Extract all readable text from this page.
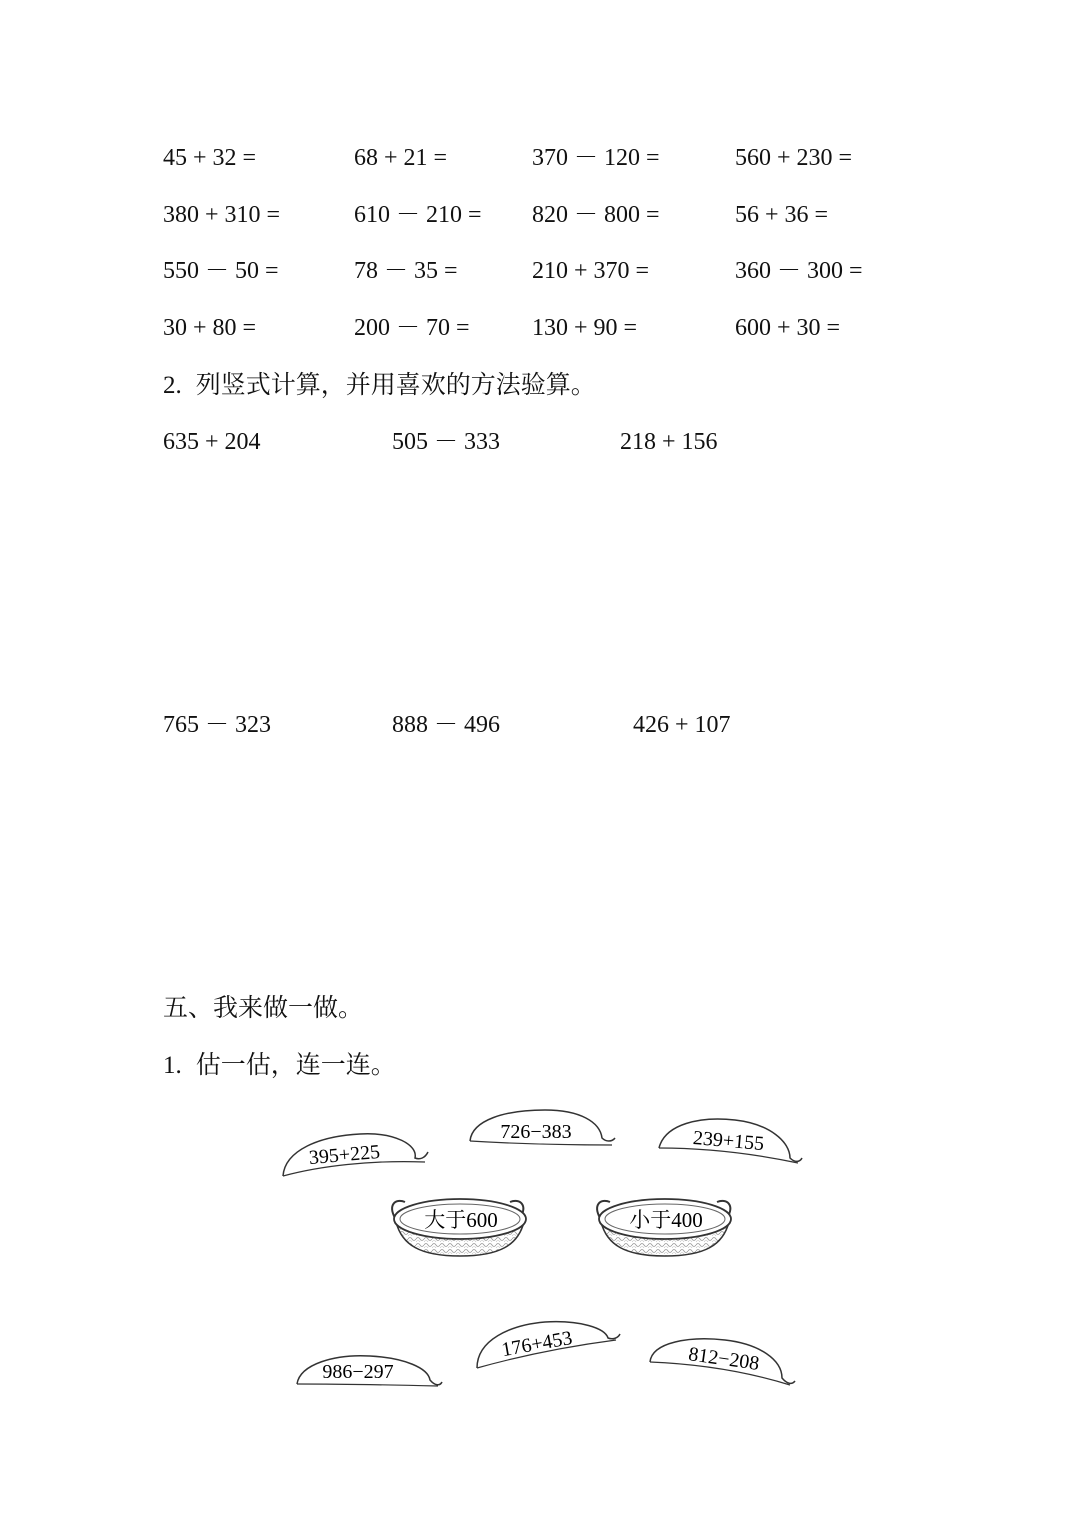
45 + 32 =	68 + 21 =	370 － 120 =	560 + 230 =
380 + 310 =	610 － 210 = 820 － 800 =	56 + 36 =
550 － 50 =	78 － 35 =	210 + 370 =	360 － 300 =
30 + 80 =	200 － 70 =	130 + 90 =	600 + 30 =
2. 列竖式计算，并用喜欢的方法验算。
635 + 204	505 － 333	218 + 156
765 － 323	888 － 496	426 + 107
五、我来做一做。
1. 估一估，连一连。
395+225
726−383	239+155
大于600	小于400
986−297
176+453	812−208
